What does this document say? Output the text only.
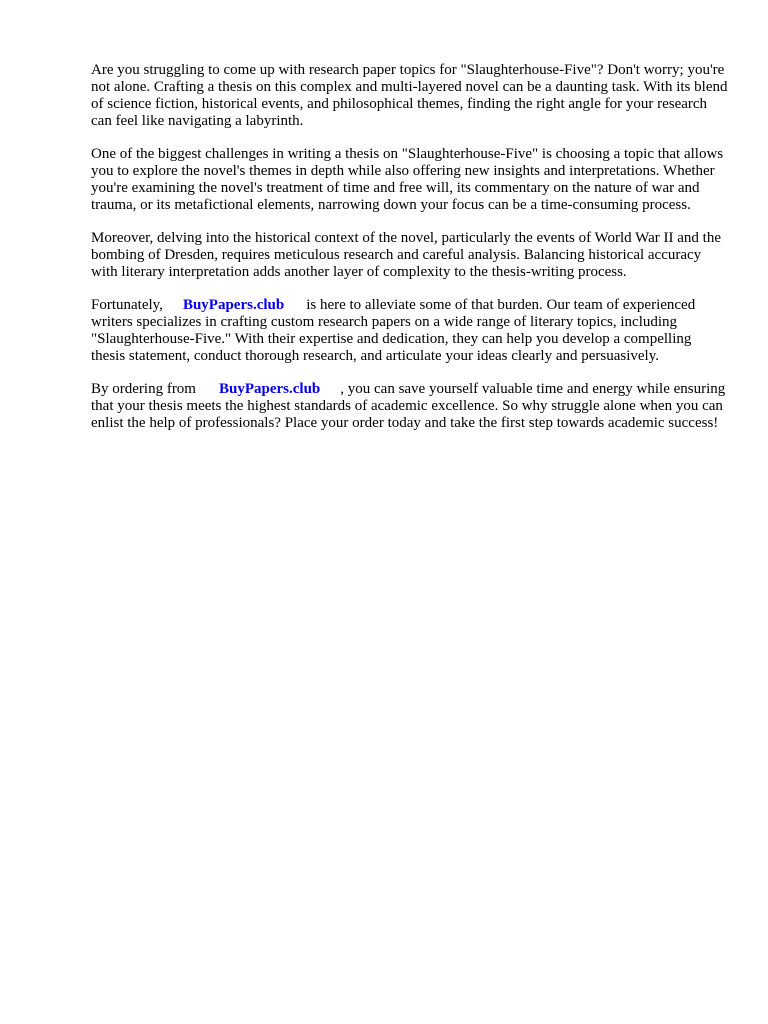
Are you struggling to come up with research paper topics for "Slaughterhouse-Five"? Don't worry; you're not alone. Crafting a thesis on this complex and multi-layered novel can be a daunting task. With its blend of science fiction, historical events, and philosophical themes, finding the right angle for your research can feel like navigating a labyrinth.

One of the biggest challenges in writing a thesis on "Slaughterhouse-Five" is choosing a topic that allows you to explore the novel's themes in depth while also offering new insights and interpretations. Whether you're examining the novel's treatment of time and free will, its commentary on the nature of war and trauma, or its metafictional elements, narrowing down your focus can be a time-consuming process.

Moreover, delving into the historical context of the novel, particularly the events of World War II and the bombing of Dresden, requires meticulous research and careful analysis. Balancing historical accuracy with literary interpretation adds another layer of complexity to the thesis-writing process.

Fortunately, BuyPapers.club is here to alleviate some of that burden. Our team of experienced writers specializes in crafting custom research papers on a wide range of literary topics, including "Slaughterhouse-Five." With their expertise and dedication, they can help you develop a compelling thesis statement, conduct thorough research, and articulate your ideas clearly and persuasively.

By ordering from BuyPapers.club , you can save yourself valuable time and energy while ensuring that your thesis meets the highest standards of academic excellence. So why struggle alone when you can enlist the help of professionals? Place your order today and take the first step towards academic success!
